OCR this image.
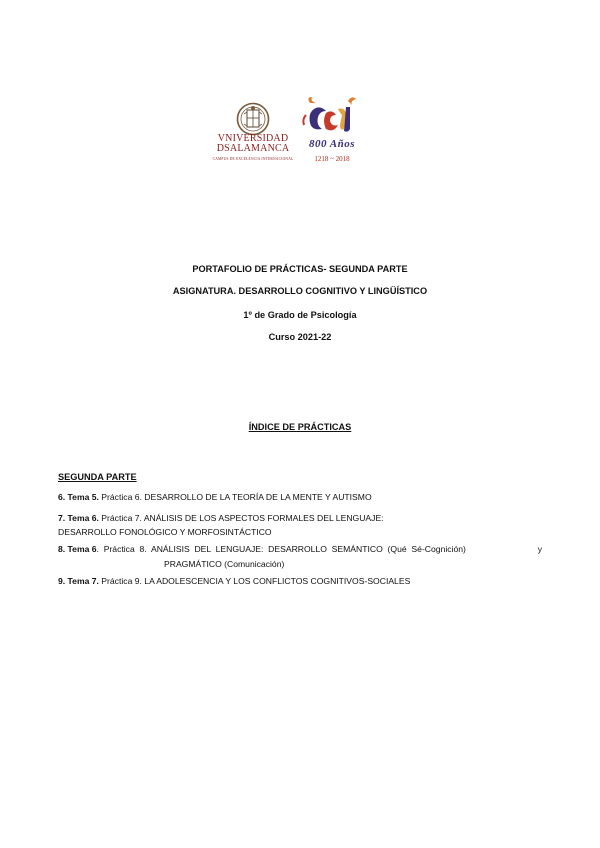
VNIVERSIDAD
DSALAMANCA
CAMPUS DE EXCELENCIA INTERNACIONAL
800 Años
1218 ~ 2018
PORTAFOLIO DE PRÁCTICAS- SEGUNDA PARTE
ASIGNATURA. DESARROLLO COGNITIVO Y LINGÜÍSTICO
1º de Grado de Psicología
Curso 2021-22
ÍNDICE DE PRÁCTICAS
SEGUNDA PARTE
6. Tema 5. Práctica 6. DESARROLLO DE LA TEORÍA DE LA MENTE Y AUTISMO
7. Tema 6. Práctica 7. ANÁLISIS DE LOS ASPECTOS FORMALES DEL LENGUAJE:
DESARROLLO FONOLÓGICO Y MORFOSINTÁCTICO
8. Tema 6.  Práctica  8.  ANÁLISIS  DEL  LENGUAJE:  DESARROLLO  SEMÁNTICO  (Qué  Sé-Cognición)	y
PRAGMÁTICO (Comunicación)
9. Tema 7. Práctica 9. LA ADOLESCENCIA Y LOS CONFLICTOS COGNITIVOS-SOCIALES
